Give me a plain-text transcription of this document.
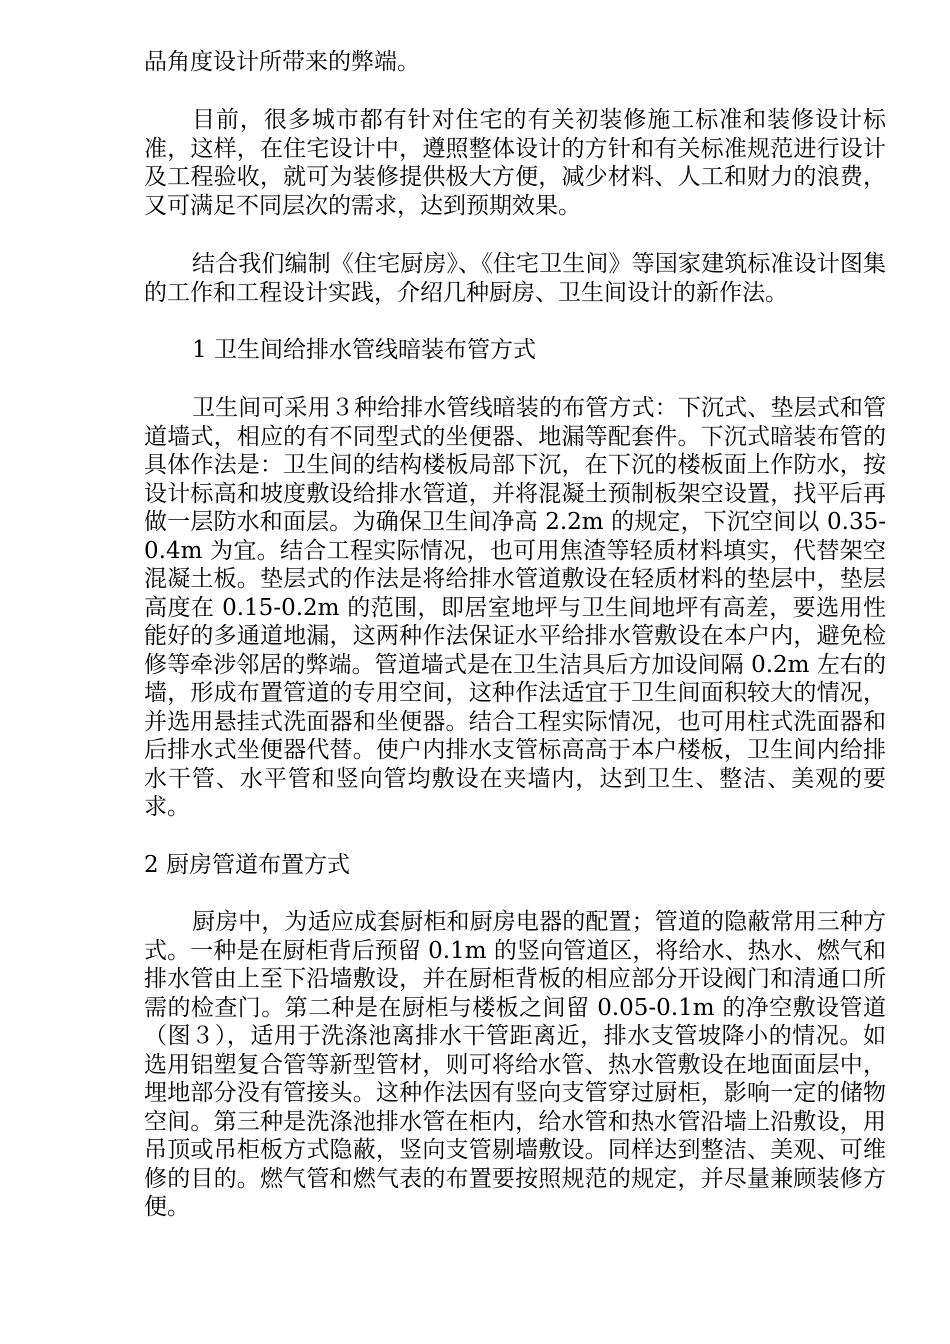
品角度设计所带来的弊端。

目前，很多城市都有针对住宅的有关初装修施工标准和装修设计标准，这样，在住宅设计中，遵照整体设计的方针和有关标准规范进行设计及工程验收，就可为装修提供极大方便，减少材料、人工和财力的浪费，又可满足不同层次的需求，达到预期效果。

结合我们编制《住宅厨房》、《住宅卫生间》等国家建筑标准设计图集的工作和工程设计实践，介绍几种厨房、卫生间设计的新作法。

1 卫生间给排水管线暗装布管方式

卫生间可采用３种给排水管线暗装的布管方式：下沉式、垫层式和管道墙式，相应的有不同型式的坐便器、地漏等配套件。下沉式暗装布管的具体作法是：卫生间的结构楼板局部下沉，在下沉的楼板面上作防水，按设计标高和坡度敷设给排水管道，并将混凝土预制板架空设置，找平后再做一层防水和面层。为确保卫生间净高 2.2m 的规定，下沉空间以 0.35-0.4m 为宜。结合工程实际情况，也可用焦渣等轻质材料填实，代替架空混凝土板。垫层式的作法是将给排水管道敷设在轻质材料的垫层中，垫层高度在 0.15-0.2m 的范围，即居室地坪与卫生间地坪有高差，要选用性能好的多通道地漏，这两种作法保证水平给排水管敷设在本户内，避免检修等牵涉邻居的弊端。管道墙式是在卫生洁具后方加设间隔 0.2m 左右的墙，形成布置管道的专用空间，这种作法适宜于卫生间面积较大的情况，并选用悬挂式洗面器和坐便器。结合工程实际情况，也可用柱式洗面器和后排水式坐便器代替。使户内排水支管标高高于本户楼板，卫生间内给排水干管、水平管和竖向管均敷设在夹墙内，达到卫生、整洁、美观的要求。

2 厨房管道布置方式

厨房中，为适应成套厨柜和厨房电器的配置；管道的隐蔽常用三种方式。一种是在厨柜背后预留 0.1m 的竖向管道区，将给水、热水、燃气和排水管由上至下沿墙敷设，并在厨柜背板的相应部分开设阀门和清通口所需的检查门。第二种是在厨柜与楼板之间留 0.05-0.1m 的净空敷设管道（图３），适用于洗涤池离排水干管距离近，排水支管坡降小的情况。如选用铝塑复合管等新型管材，则可将给水管、热水管敷设在地面面层中，埋地部分没有管接头。这种作法因有竖向支管穿过厨柜，影响一定的储物空间。第三种是洗涤池排水管在柜内，给水管和热水管沿墙上沿敷设，用吊顶或吊柜板方式隐蔽，竖向支管剔墙敷设。同样达到整洁、美观、可维修的目的。燃气管和燃气表的布置要按照规范的规定，并尽量兼顾装修方便。
